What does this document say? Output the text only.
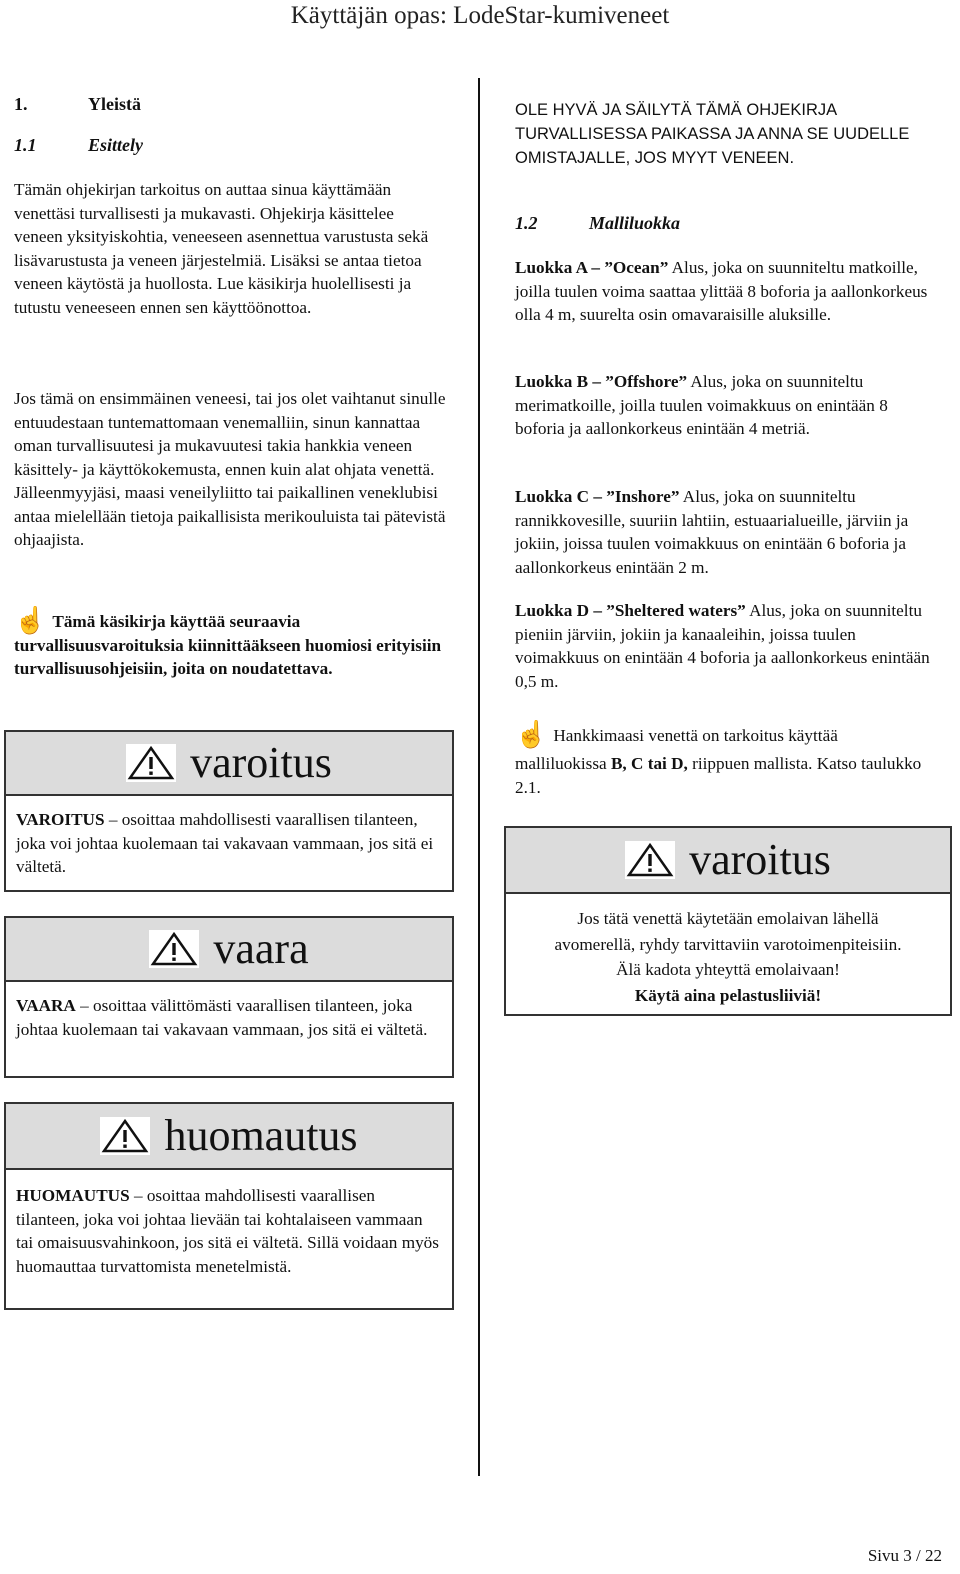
Käyttäjän opas: LodeStar-kumiveneet
1.	Yleistä
1.1	Esittely

Tämän ohjekirjan tarkoitus on auttaa sinua käyttämään venettäsi turvallisesti ja mukavasti. Ohjekirja käsittelee veneen yksityiskohtia, veneeseen asennettua varustusta sekä lisävarustusta ja veneen järjestelmiä. Lisäksi se antaa tietoa veneen käytöstä ja huollosta. Lue käsikirja huolellisesti ja tutustu veneeseen ennen sen käyttöönottoa.

Jos tämä on ensimmäinen veneesi, tai jos olet vaihtanut sinulle entuudestaan tuntemattomaan venemalliin, sinun kannattaa oman turvallisuutesi ja mukavuutesi takia hankkia veneen käsittely- ja käyttökokemusta, ennen kuin alat ohjata venettä. Jälleenmyyjäsi, maasi veneilyliitto tai paikallinen veneklubisi antaa mielellään tietoja paikallisista merikouluista tai pätevistä ohjaajista.

☝ Tämä käsikirja käyttää seuraavia turvallisuusvaroituksia kiinnittääkseen huomiosi erityisiin turvallisuusohjeisiin, joita on noudatettava.
varoitus
VAROITUS – osoittaa mahdollisesti vaarallisen tilanteen, joka voi johtaa kuolemaan tai vakavaan vammaan, jos sitä ei vältetä.
vaara
VAARA – osoittaa välittömästi vaarallisen tilanteen, joka johtaa kuolemaan tai vakavaan vammaan, jos sitä ei vältetä.
huomautus
HUOMAUTUS – osoittaa mahdollisesti vaarallisen tilanteen, joka voi johtaa lievään tai kohtalaiseen vammaan tai omaisuusvahinkoon, jos sitä ei vältetä. Sillä voidaan myös huomauttaa turvattomista menetelmistä.

OLE HYVÄ JA SÄILYTÄ TÄMÄ OHJEKIRJA TURVALLISESSA PAIKASSA JA ANNA SE UUDELLE OMISTAJALLE, JOS MYYT VENEEN.

1.2	Malliluokka

Luokka A – ”Ocean” Alus, joka on suunniteltu matkoille, joilla tuulen voima saattaa ylittää 8 boforia ja aallonkorkeus olla 4 m, suurelta osin omavaraisille aluksille.

Luokka B – ”Offshore” Alus, joka on suunniteltu merimatkoille, joilla tuulen voimakkuus on enintään 8 boforia ja aallonkorkeus enintään 4 metriä.

Luokka C – ”Inshore” Alus, joka on suunniteltu rannikkovesille, suuriin lahtiin, estuaarialueille, järviin ja jokiin, joissa tuulen voimakkuus on enintään 6 boforia ja aallonkorkeus enintään 2 m.

Luokka D – ”Sheltered waters” Alus, joka on suunniteltu pieniin järviin, jokiin ja kanaaleihin, joissa tuulen voimakkuus on enintään 4 boforia ja aallonkorkeus enintään 0,5 m.

☝ Hankkimaasi venettä on tarkoitus käyttää
malliluokissa B, C tai D, riippuen mallista. Katso taulukko 2.1.
varoitus
Jos tätä venettä käytetään emolaivan lähellä
avomerellä, ryhdy tarvittaviin varotoimenpiteisiin.
Älä kadota yhteyttä emolaivaan!
Käytä aina pelastusliiviä!
Sivu 3 / 22
